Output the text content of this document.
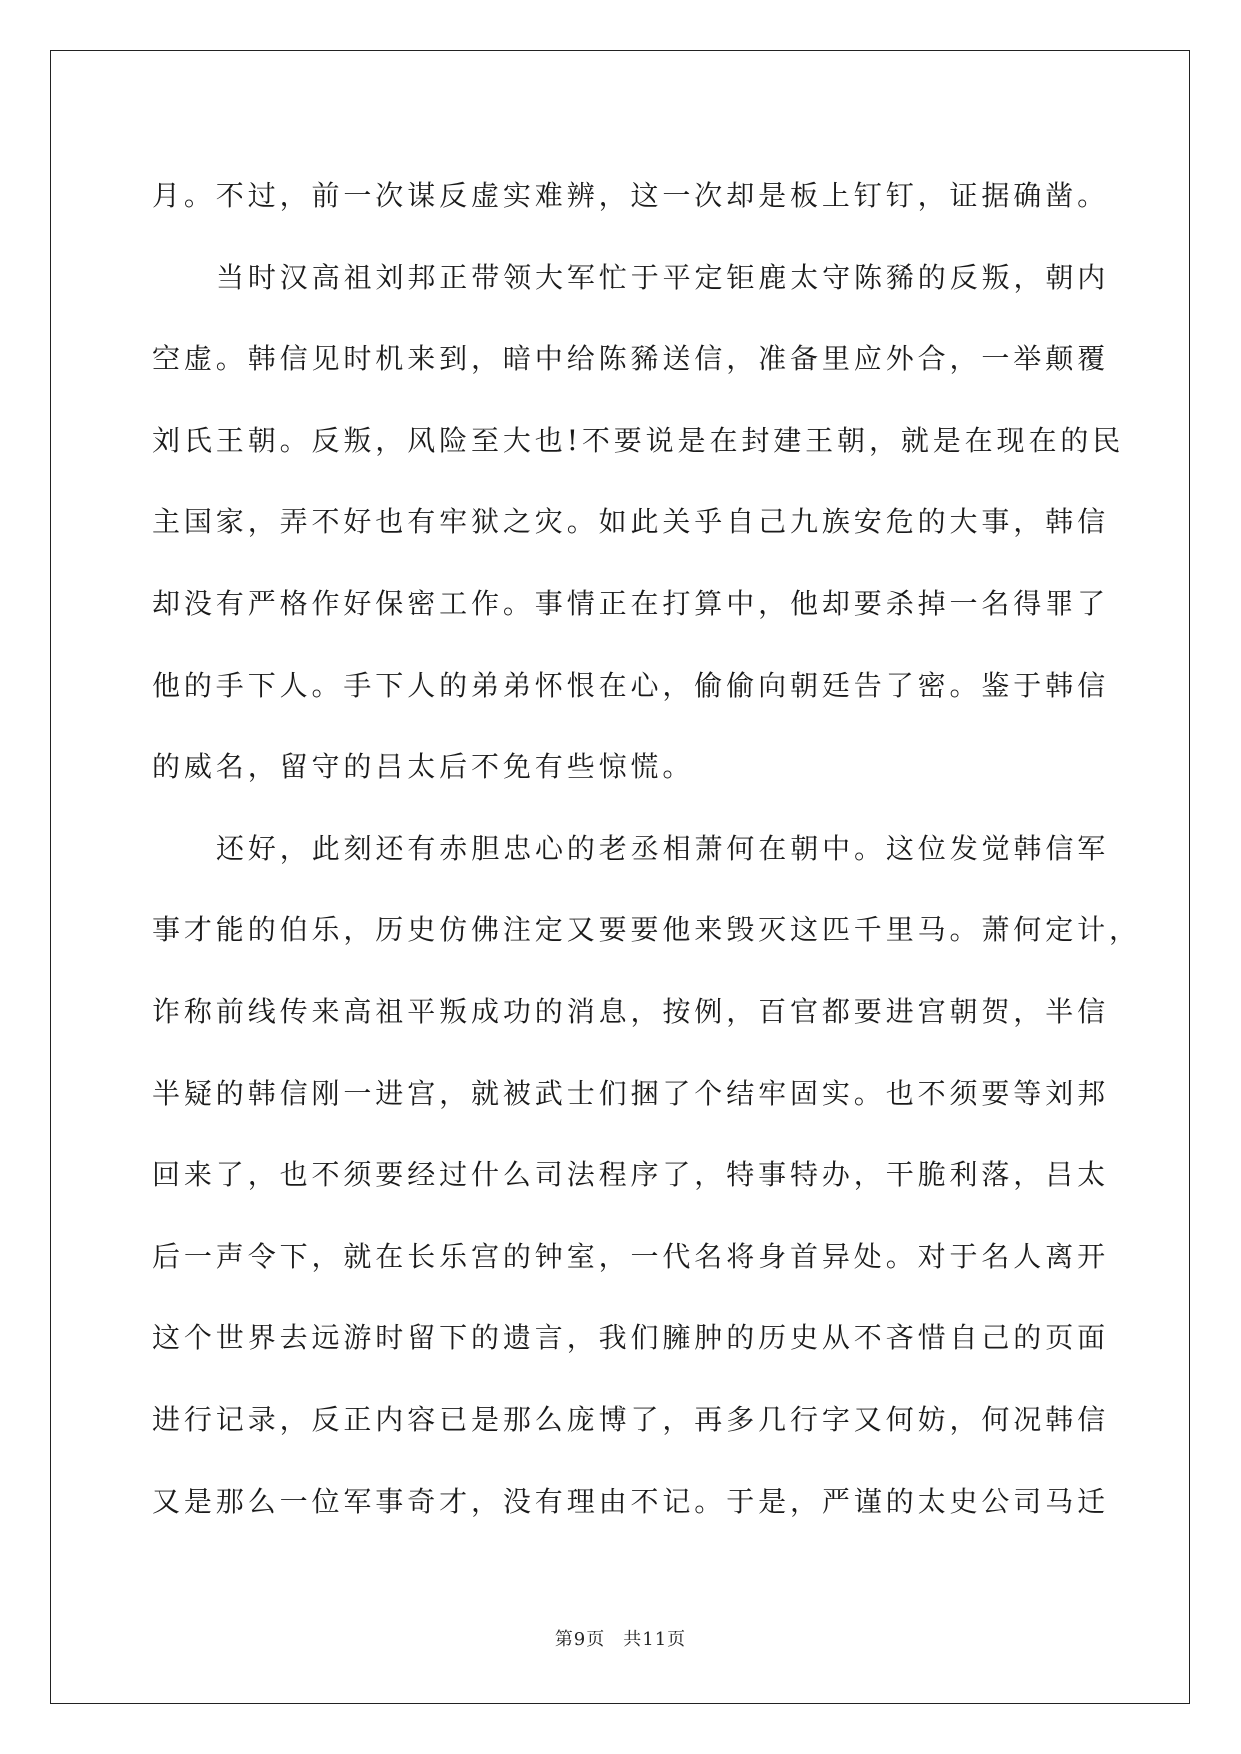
月。不过，前一次谋反虚实难辨，这一次却是板上钉钉，证据确凿。

当时汉高祖刘邦正带领大军忙于平定钜鹿太守陈豨的反叛，朝内
空虚。韩信见时机来到，暗中给陈豨送信，准备里应外合，一举颠覆
刘氏王朝。反叛，风险至大也!不要说是在封建王朝，就是在现在的民
主国家，弄不好也有牢狱之灾。如此关乎自己九族安危的大事，韩信
却没有严格作好保密工作。事情正在打算中，他却要杀掉一名得罪了
他的手下人。手下人的弟弟怀恨在心，偷偷向朝廷告了密。鉴于韩信
的威名，留守的吕太后不免有些惊慌。

还好，此刻还有赤胆忠心的老丞相萧何在朝中。这位发觉韩信军
事才能的伯乐，历史仿佛注定又要要他来毁灭这匹千里马。萧何定计，
诈称前线传来高祖平叛成功的消息，按例，百官都要进宫朝贺，半信
半疑的韩信刚一进宫，就被武士们捆了个结牢固实。也不须要等刘邦
回来了，也不须要经过什么司法程序了，特事特办，干脆利落，吕太
后一声令下，就在长乐宫的钟室，一代名将身首异处。对于名人离开
这个世界去远游时留下的遗言，我们臃肿的历史从不吝惜自己的页面
进行记录，反正内容已是那么庞博了，再多几行字又何妨，何况韩信
又是那么一位军事奇才，没有理由不记。于是，严谨的太史公司马迁

第9页 共11页
